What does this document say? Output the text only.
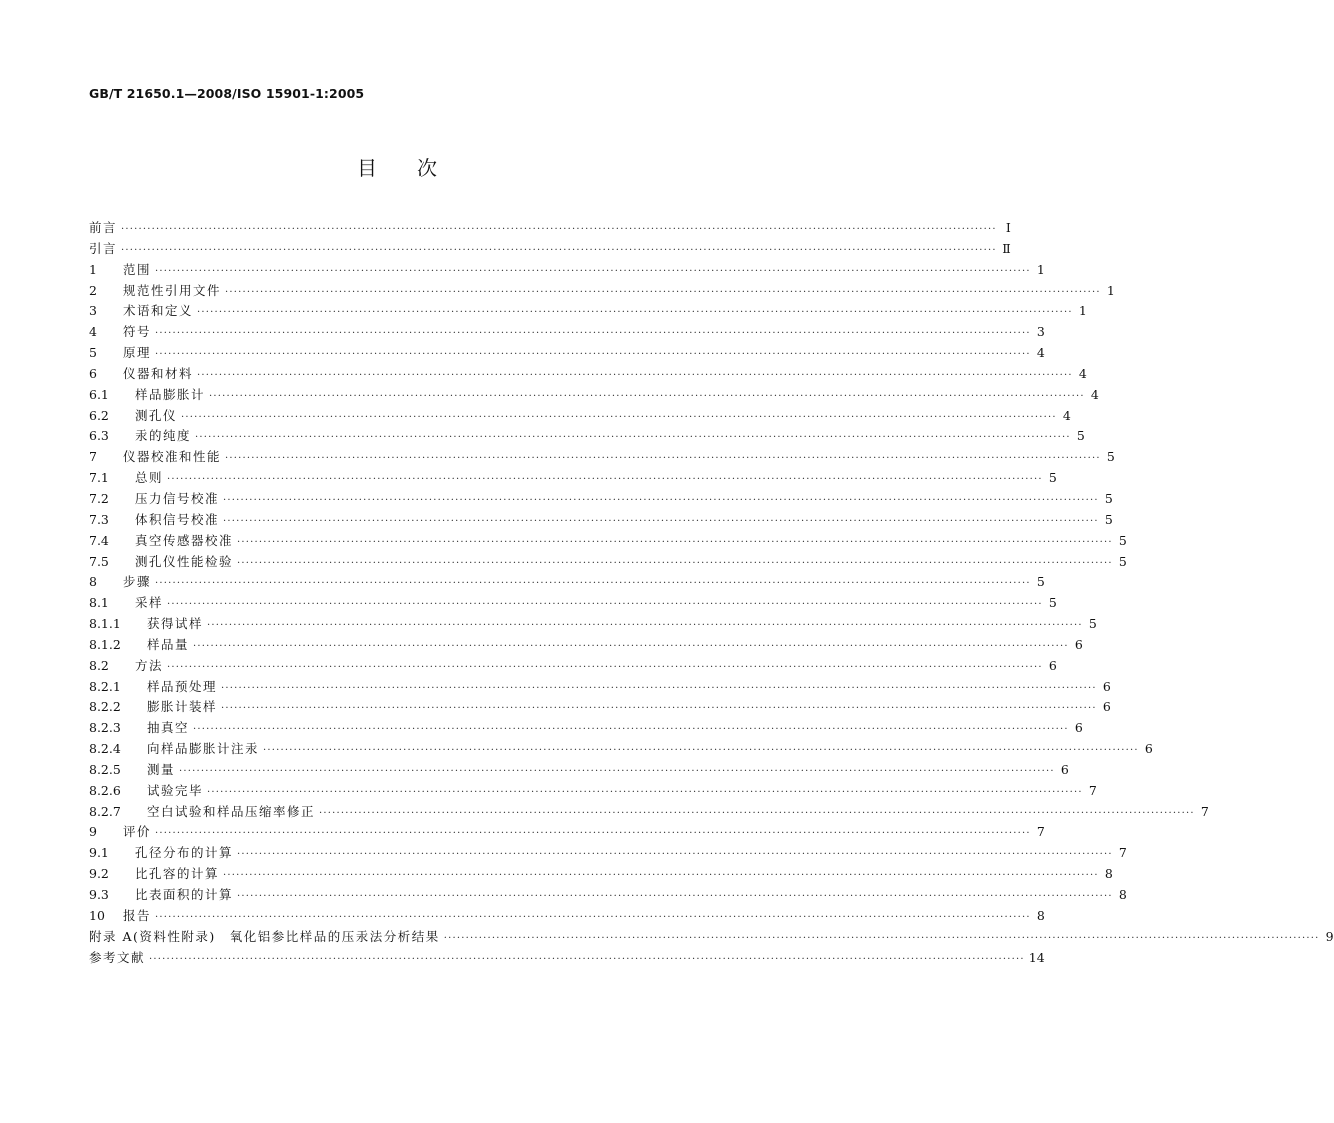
GB/T 21650.1—2008/ISO 15901-1:2005
目次
前言 ········································································································································································································ I
引言 ········································································································································································································ Ⅱ
1	范围 ········································································································································································································ 1
2	规范性引用文件 ········································································································································································································ 1
3	术语和定义 ········································································································································································································ 1
4	符号 ········································································································································································································ 3
5	原理 ········································································································································································································ 4
6	仪器和材料 ········································································································································································································ 4
6.1	样品膨胀计 ········································································································································································································ 4
6.2	测孔仪 ········································································································································································································ 4
6.3	汞的纯度 ········································································································································································································ 5
7	仪器校准和性能 ········································································································································································································ 5
7.1	总则 ········································································································································································································ 5
7.2	压力信号校准 ········································································································································································································ 5
7.3	体积信号校准 ········································································································································································································ 5
7.4	真空传感器校准 ········································································································································································································ 5
7.5	测孔仪性能检验 ········································································································································································································ 5
8	步骤 ········································································································································································································ 5
8.1	采样 ········································································································································································································ 5
8.1.1	获得试样 ········································································································································································································ 5
8.1.2	样品量 ········································································································································································································ 6
8.2	方法 ········································································································································································································ 6
8.2.1	样品预处理 ········································································································································································································ 6
8.2.2	膨胀计装样 ········································································································································································································ 6
8.2.3	抽真空 ········································································································································································································ 6
8.2.4	向样品膨胀计注汞 ········································································································································································································ 6
8.2.5	测量 ········································································································································································································ 6
8.2.6	试验完毕 ········································································································································································································ 7
8.2.7	空白试验和样品压缩率修正 ········································································································································································································ 7
9	评价 ········································································································································································································ 7
9.1	孔径分布的计算 ········································································································································································································ 7
9.2	比孔容的计算 ········································································································································································································ 8
9.3	比表面积的计算 ········································································································································································································ 8
10	报告 ········································································································································································································ 8
附录 A(资料性附录)　氧化铝参比样品的压汞法分析结果 ········································································································································································································ 9
参考文献 ········································································································································································································ 14
